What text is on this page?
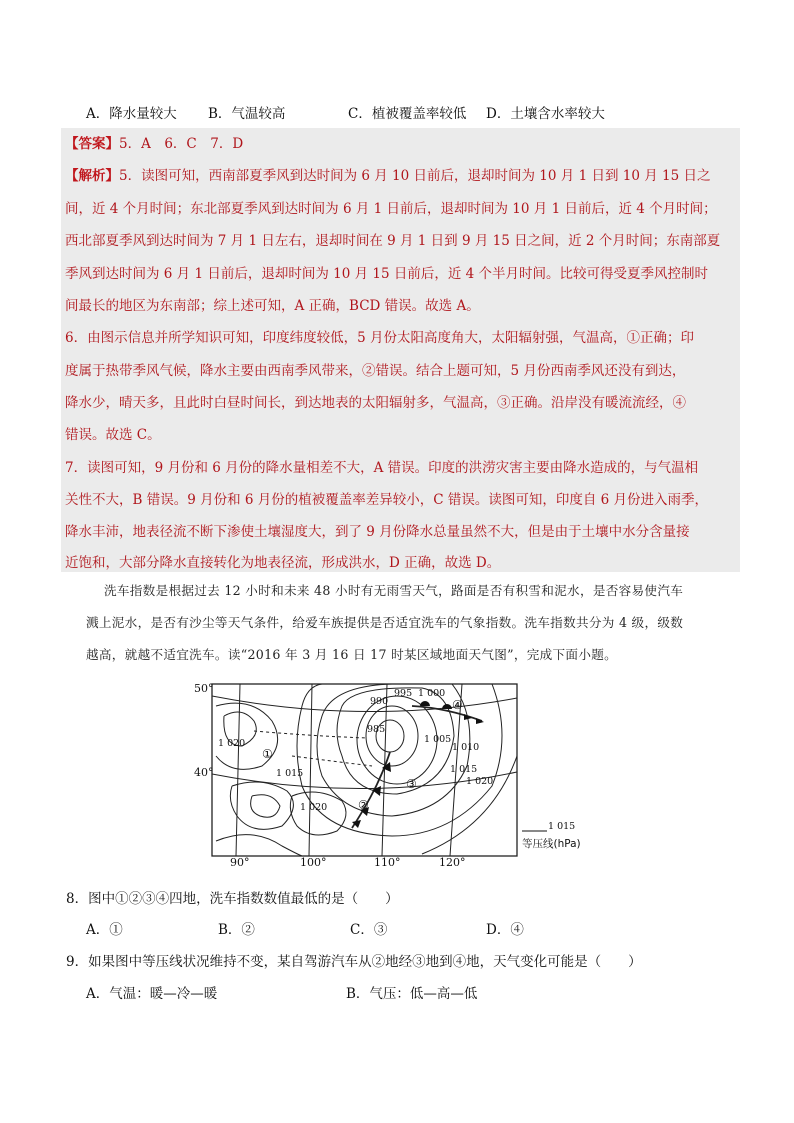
A．降水量较大 B．气温较高	C．植被覆盖率较低 D．土壤含水率较大
【答案】5．A　6．C　7．D
【解析】5．读图可知，西南部夏季风到达时间为 6 月 10 日前后，退却时间为 10 月 1 日到 10 月 15 日之
间，近 4 个月时间；东北部夏季风到达时间为 6 月 1 日前后，退却时间为 10 月 1 日前后，近 4 个月时间；
西北部夏季风到达时间为 7 月 1 日左右，退却时间在 9 月 1 日到 9 月 15 日之间，近 2 个月时间；东南部夏
季风到达时间为 6 月 1 日前后，退却时间为 10 月 15 日前后，近 4 个半月时间。比较可得受夏季风控制时
间最长的地区为东南部；综上述可知，A 正确，BCD 错误。故选 A。
6．由图示信息并所学知识可知，印度纬度较低，5 月份太阳高度角大，太阳辐射强，气温高，①正确；印
度属于热带季风气候，降水主要由西南季风带来，②错误。结合上题可知，5 月份西南季风还没有到达，
降水少，晴天多，且此时白昼时间长，到达地表的太阳辐射多，气温高，③正确。沿岸没有暖流流经，④
错误。故选 C。
7．读图可知，9 月份和 6 月份的降水量相差不大，A 错误。印度的洪涝灾害主要由降水造成的，与气温相
关性不大，B 错误。9 月份和 6 月份的植被覆盖率差异较小，C 错误。读图可知，印度自 6 月份进入雨季，
降水丰沛，地表径流不断下渗使土壤湿度大，到了 9 月份降水总量虽然不大，但是由于土壤中水分含量接
近饱和，大部分降水直接转化为地表径流，形成洪水，D 正确，故选 D。
洗车指数是根据过去 12 小时和未来 48 小时有无雨雪天气，路面是否有积雪和泥水，是否容易使汽车
溅上泥水，是否有沙尘等天气条件，给爱车族提供是否适宜洗车的气象指数。洗车指数共分为 4 级，级数
越高，就越不适宜洗车。读“2016 年 3 月 16 日 17 时某区域地面天气图”，完成下面小题。
50°
40°
90°	100°	110°	120°
990
995 1 000
985
1 020
1 015
1 005
1 010
1 015
1 020
1 020
①
②
③
④
1 015
等压线(hPa)
8．图中①②③④四地，洗车指数数值最低的是（　　）
A．①	B．②	C．③	D．④
9．如果图中等压线状况维持不变，某自驾游汽车从②地经③地到④地，天气变化可能是（　　）
A．气温：暖—冷—暖	B．气压：低—高—低
